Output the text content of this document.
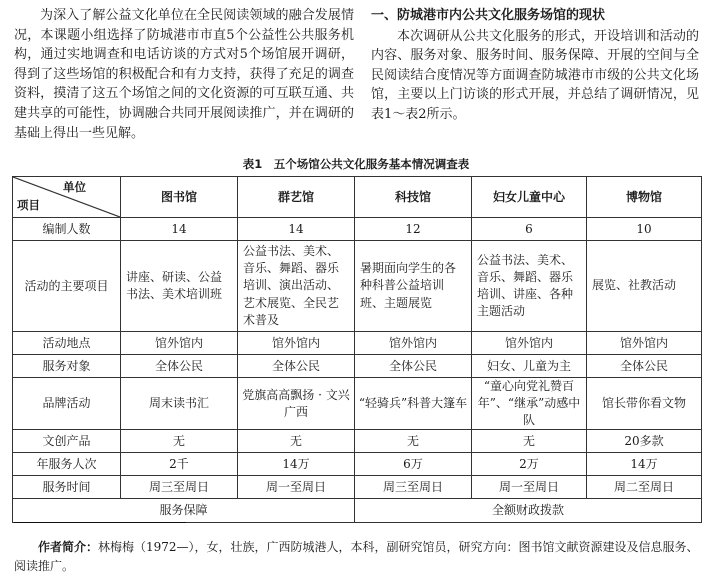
为深入了解公益文化单位在全民阅读领域的融合发展情况，本课题小组选择了防城港市市直5个公益性公共服务机构，通过实地调查和电话访谈的方式对5个场馆展开调研，得到了这些场馆的积极配合和有力支持，获得了充足的调查资料，摸清了这五个场馆之间的文化资源的可互联互通、共建共享的可能性，协调融合共同开展阅读推广，并在调研的基础上得出一些见解。
一、防城港市内公共文化服务场馆的现状

本次调研从公共文化服务的形式，开设培训和活动的内容、服务对象、服务时间、服务保障、开展的空间与全民阅读结合度情况等方面调查防城港市市级的公共文化场馆，主要以上门访谈的形式开展，并总结了调研情况，见表1～表2所示。

表1　五个场馆公共文化服务基本情况调查表
单位
项目	图书馆	群艺馆	科技馆	妇女儿童中心	博物馆
编制人数	14	14	12	6	10
活动的主要项目	讲座、研读、公益书法、美术培训班	公益书法、美术、音乐、舞蹈、器乐培训、演出活动、艺术展览、全民艺术普及	暑期面向学生的各种科普公益培训班、主题展览	公益书法、美术、音乐、舞蹈、器乐培训、讲座、各种主题活动	展览、社教活动
活动地点	馆外馆内	馆外馆内	馆外馆内	馆外馆内	馆外馆内
服务对象	全体公民	全体公民	全体公民	妇女、儿童为主	全体公民
品牌活动	周末读书汇	党旗高高飘扬 · 文兴广西	“轻骑兵”科普大篷车	“童心向党礼赞百年”、“继承”动感中队	馆长带你看文物
文创产品	无	无	无	无	20多款
年服务人次	2千	14万	6万	2万	14万
服务时间	周三至周日	周一至周日	周三至周日	周一至周日	周二至周日
服务保障			全额财政拨款		
作者简介：林梅梅（1972—），女，壮族，广西防城港人，本科，副研究馆员，研究方向：图书馆文献资源建设及信息服务、阅读推广。
